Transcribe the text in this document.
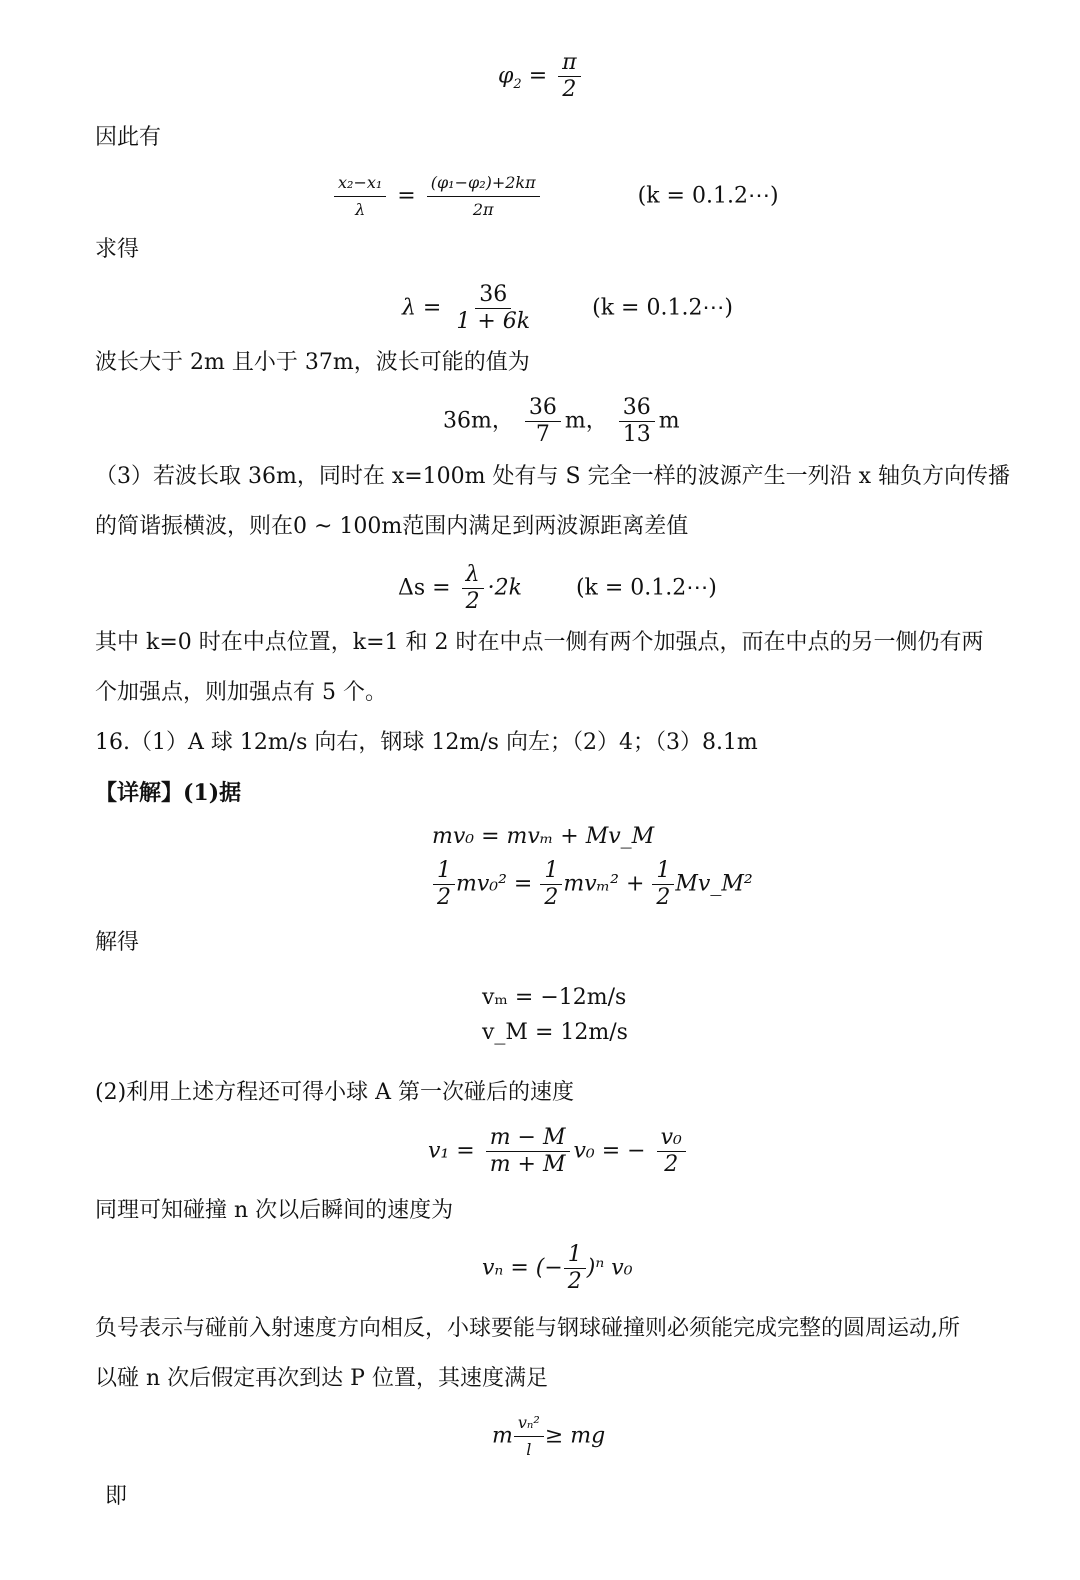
$\varphi_2 = \frac{\pi}{2}$
因此有
$\frac{\text{x₂−x₁}}{\lambda} = \frac{\text{(φ₁−φ₂)+2kπ}}{2\pi}$	(k = 0.1.2⋯)
求得
$\lambda = \frac{36}{1 + 6k}$	(k = 0.1.2⋯)
波长大于 2m 且小于 37m，波长可能的值为
36m， $\frac{36}{7}$ m， $\frac{36}{13}$ m
（3）若波长取 36m，同时在 x=100m 处有与 S 完全一样的波源产生一列沿 x 轴负方向传播
的简谐振横波，则在0 ~ 100m范围内满足到两波源距离差值
$\Delta s = \frac{\lambda}{2} \cdot 2k$ (k = 0.1.2⋯)
其中 k=0 时在中点位置，k=1 和 2 时在中点一侧有两个加强点，而在中点的另一侧仍有两
个加强点，则加强点有 5 个。
16.（1）A 球 12m/s 向右，钢球 12m/s 向左；（2）4；（3）8.1m
【详解】(1)据
mv₀ = mvₘ + Mv_M
$\frac{1}{2} mv_0^2 = \frac{1}{2} mv_m^2 + \frac{1}{2}$ Mv_M²
解得
vₘ = −12m/s
v_M = 12m/s
(2)利用上述方程还可得小球 A 第一次碰后的速度
$v_1 = \frac{m - M}{m + M} v_0$ = − $\frac{\text{v₀}}{2}$
同理可知碰撞 n 次以后瞬间的速度为
vₙ = (− $\frac{1}{2} )^n$ v₀
负号表示与碰前入射速度方向相反，小球要能与钢球碰撞则必须能完成完整的圆周运动,所
以碰 n 次后假定再次到达 P 位置，其速度满足
m $\frac{\text{vₙ²}}{l}$ ≥ mg
即
